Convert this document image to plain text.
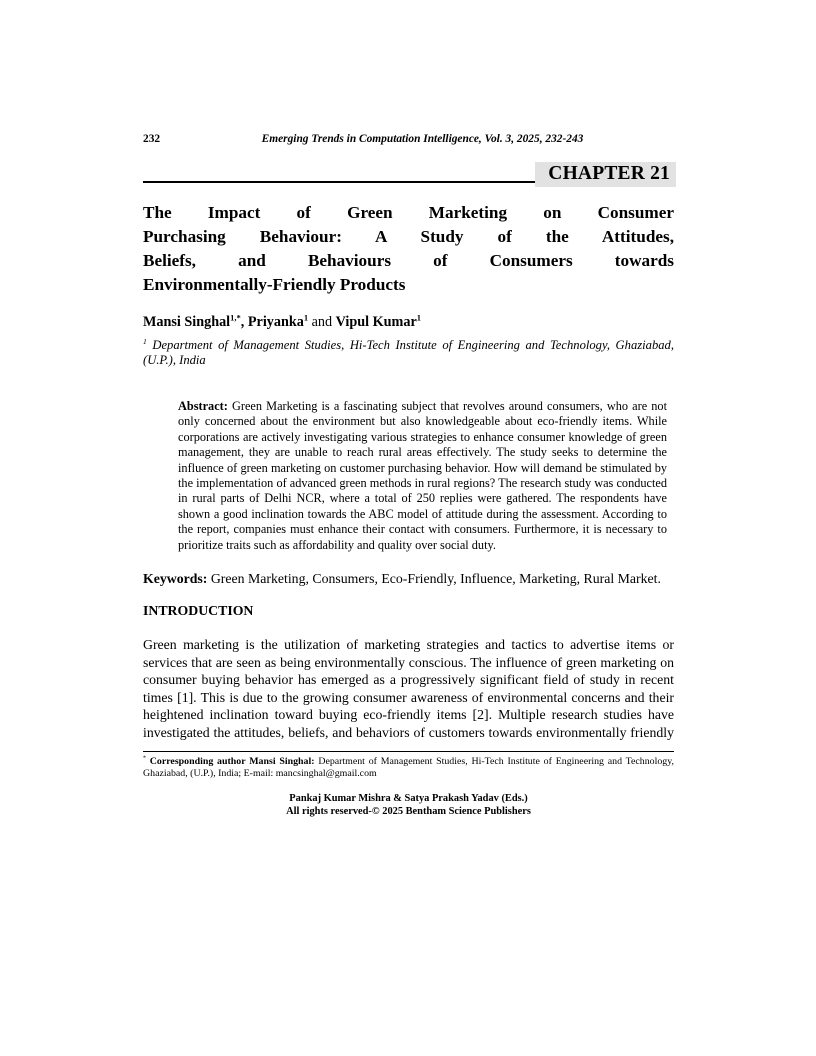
232	Emerging Trends in Computation Intelligence, Vol. 3, 2025, 232-243
CHAPTER 21
The Impact of Green Marketing on Consumer
Purchasing Behaviour: A Study of the Attitudes,
Beliefs, and Behaviours of Consumers towards
Environmentally-Friendly Products

Mansi Singhal$^{1,*}$, Priyanka$^1$ and Vipul Kumar$^1$

$^1$ Department of Management Studies, Hi-Tech Institute of Engineering and Technology, Ghaziabad, (U.P.), India

Abstract: Green Marketing is a fascinating subject that revolves around consumers, who are not only concerned about the environment but also knowledgeable about eco-friendly items. While corporations are actively investigating various strategies to enhance consumer knowledge of green management, they are unable to reach rural areas effectively. The study seeks to determine the influence of green marketing on customer purchasing behavior. How will demand be stimulated by the implementation of advanced green methods in rural regions? The research study was conducted in rural parts of Delhi NCR, where a total of 250 replies were gathered. The respondents have shown a good inclination towards the ABC model of attitude during the assessment. According to the report, companies must enhance their contact with consumers. Furthermore, it is necessary to prioritize traits such as affordability and quality over social duty.

Keywords: Green Marketing, Consumers, Eco-Friendly, Influence, Marketing, Rural Market.

INTRODUCTION

Green marketing is the utilization of marketing strategies and tactics to advertise items or services that are seen as being environmentally conscious. The influence of green marketing on consumer buying behavior has emerged as a progressively significant field of study in recent times [1]. This is due to the growing consumer awareness of environmental concerns and their heightened inclination toward buying eco-friendly items [2]. Multiple research studies have investigated the attitudes, beliefs, and behaviors of customers towards environmentally friendly

* Corresponding author Mansi Singhal: Department of Management Studies, Hi-Tech Institute of Engineering and Technology, Ghaziabad, (U.P.), India; E-mail: mancsinghal@gmail.com

Pankaj Kumar Mishra & Satya Prakash Yadav (Eds.)
All rights reserved-© 2025 Bentham Science Publishers
